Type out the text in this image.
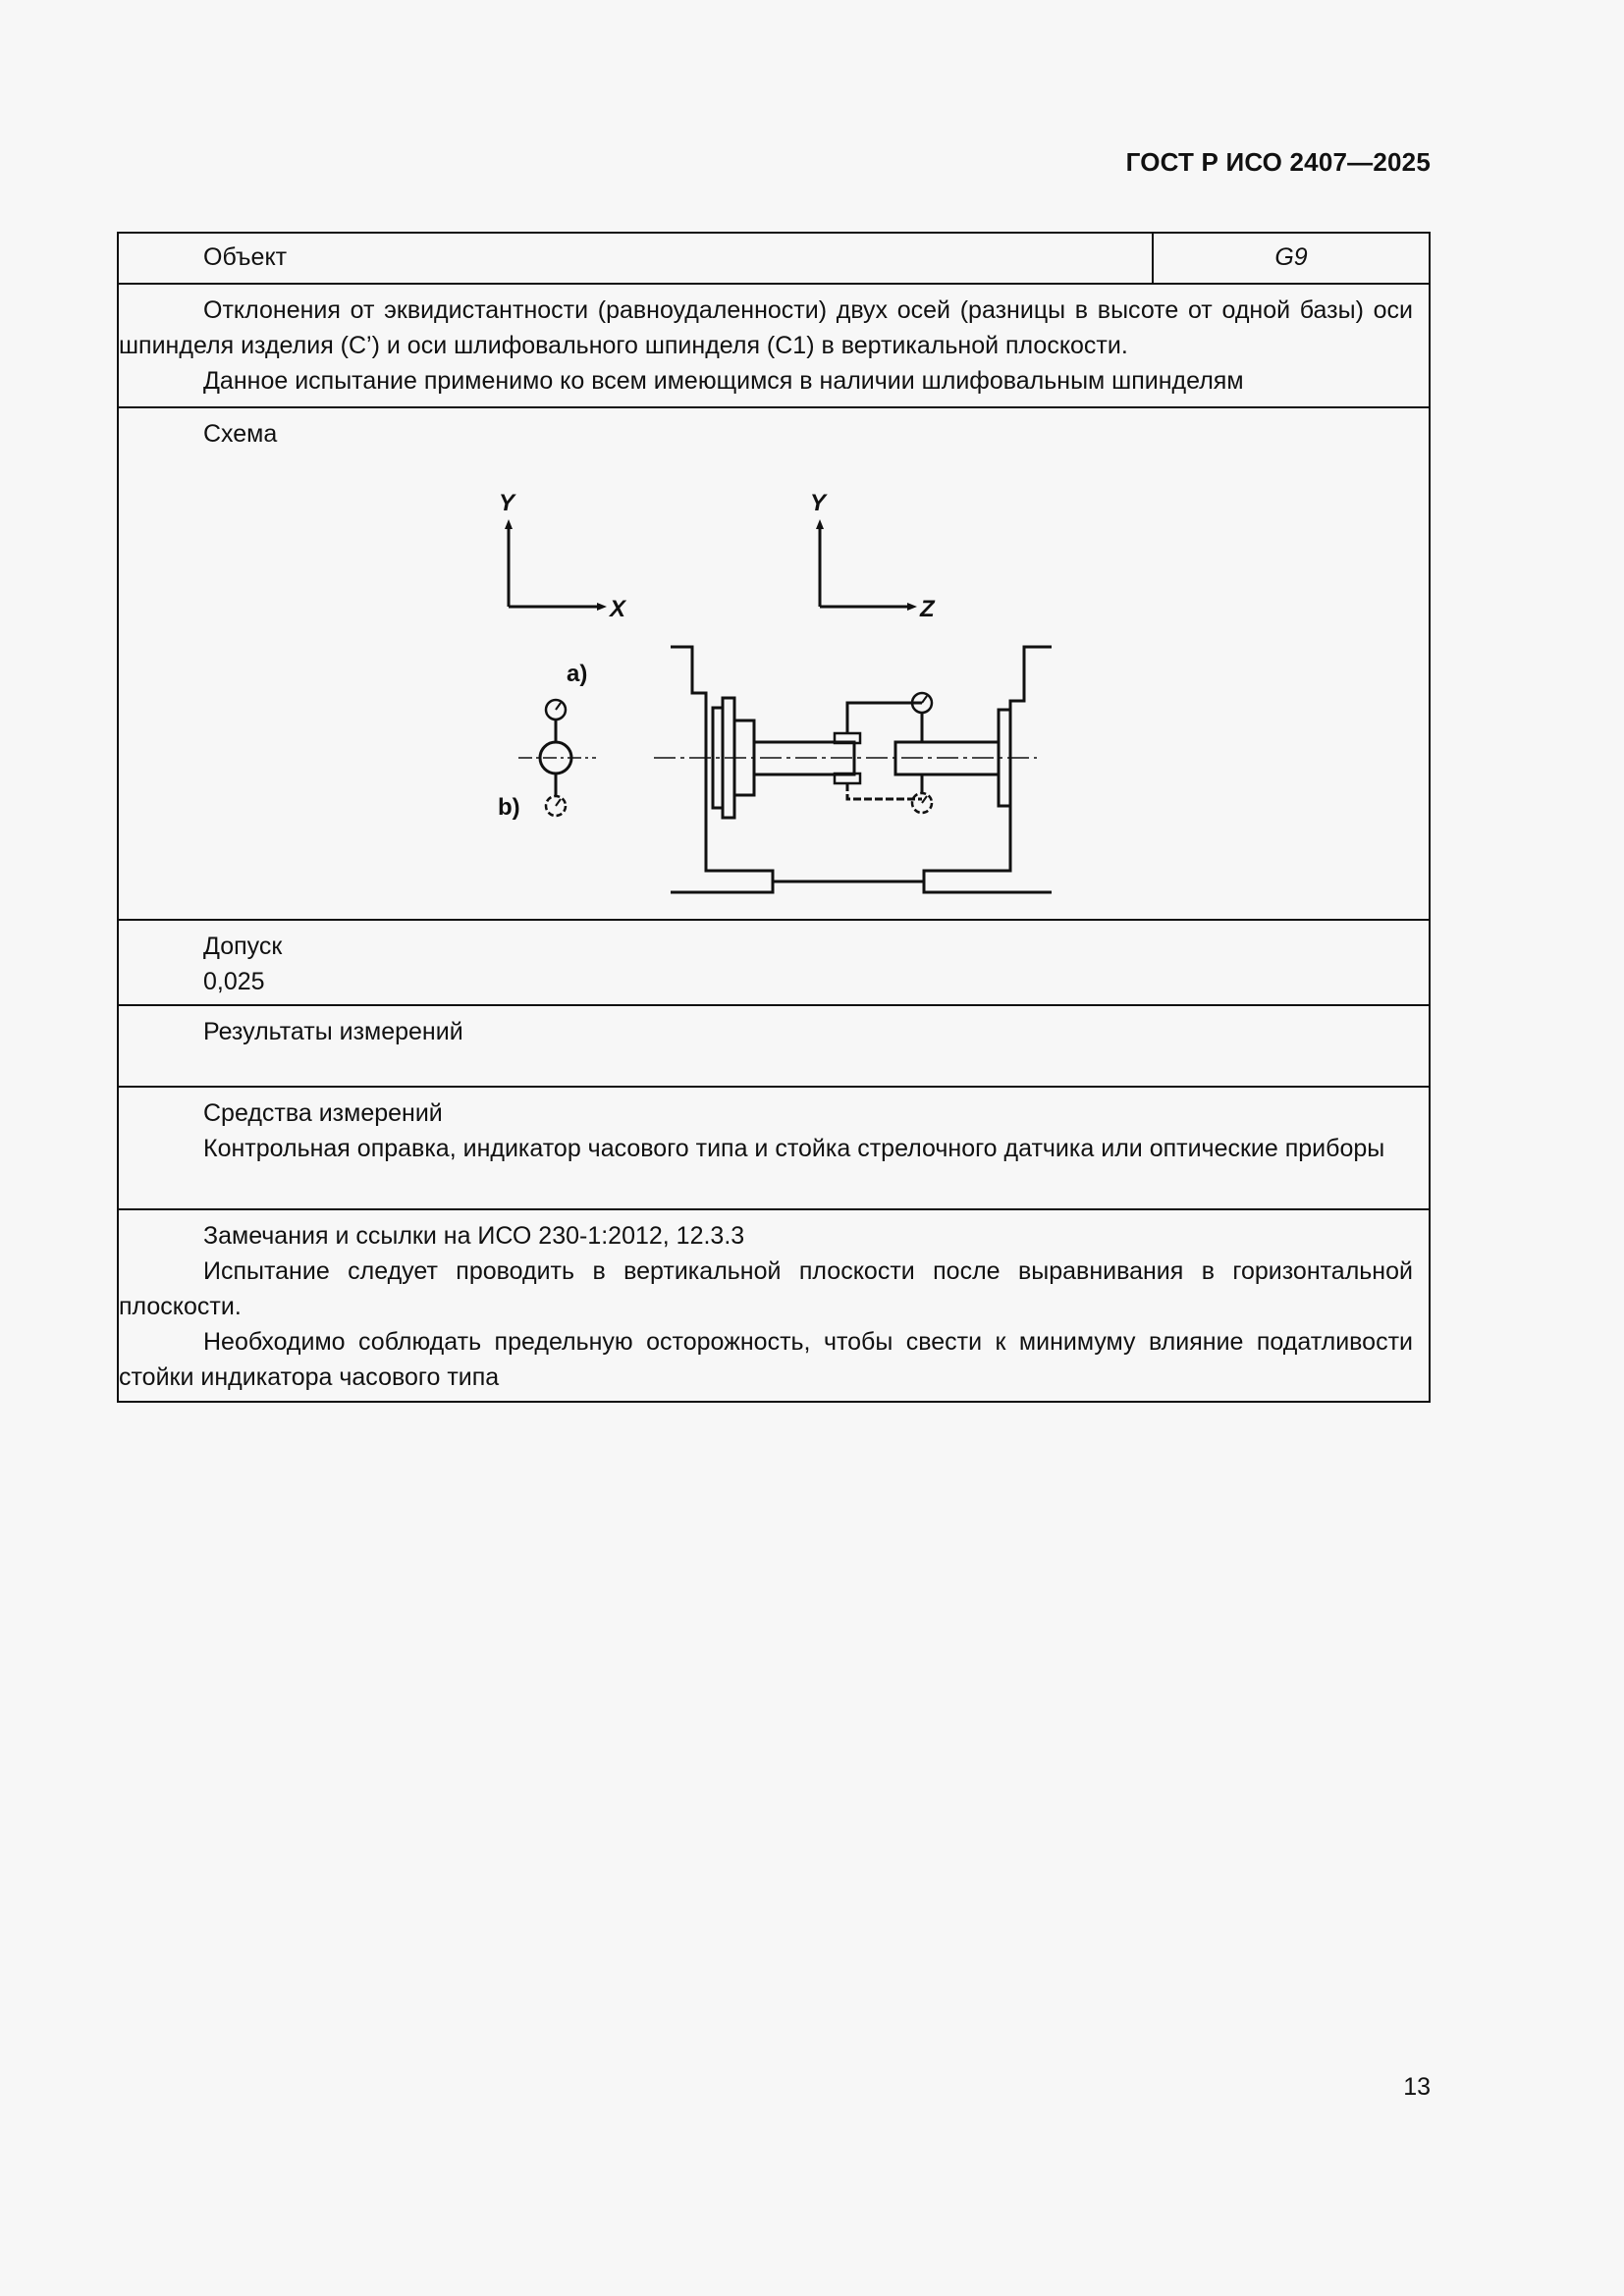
ГОСТ Р ИСО 2407—2025
Объект	G9

Отклонения от эквидистантности (равноудаленности) двух осей (разницы в высоте от одной базы) оси шпинделя изделия (C’) и оси шлифовального шпинделя (C1) в вертикальной плоскости.

Данное испытание применимо ко всем имеющимся в наличии шлифовальным шпинделям

Схема
Y
X
Y
Z
a)
b)
Допуск
0,025
Результаты измерений

Средства измерений

Контрольная оправка, индикатор часового типа и стойка стрелочного датчика или оптические приборы

Замечания и ссылки на ИСО 230-1:2012, 12.3.3

Испытание следует проводить в вертикальной плоскости после выравнивания в горизонтальной плоскости.

Необходимо соблюдать предельную осторожность, чтобы свести к минимуму влияние податливости стойки индикатора часового типа

13
